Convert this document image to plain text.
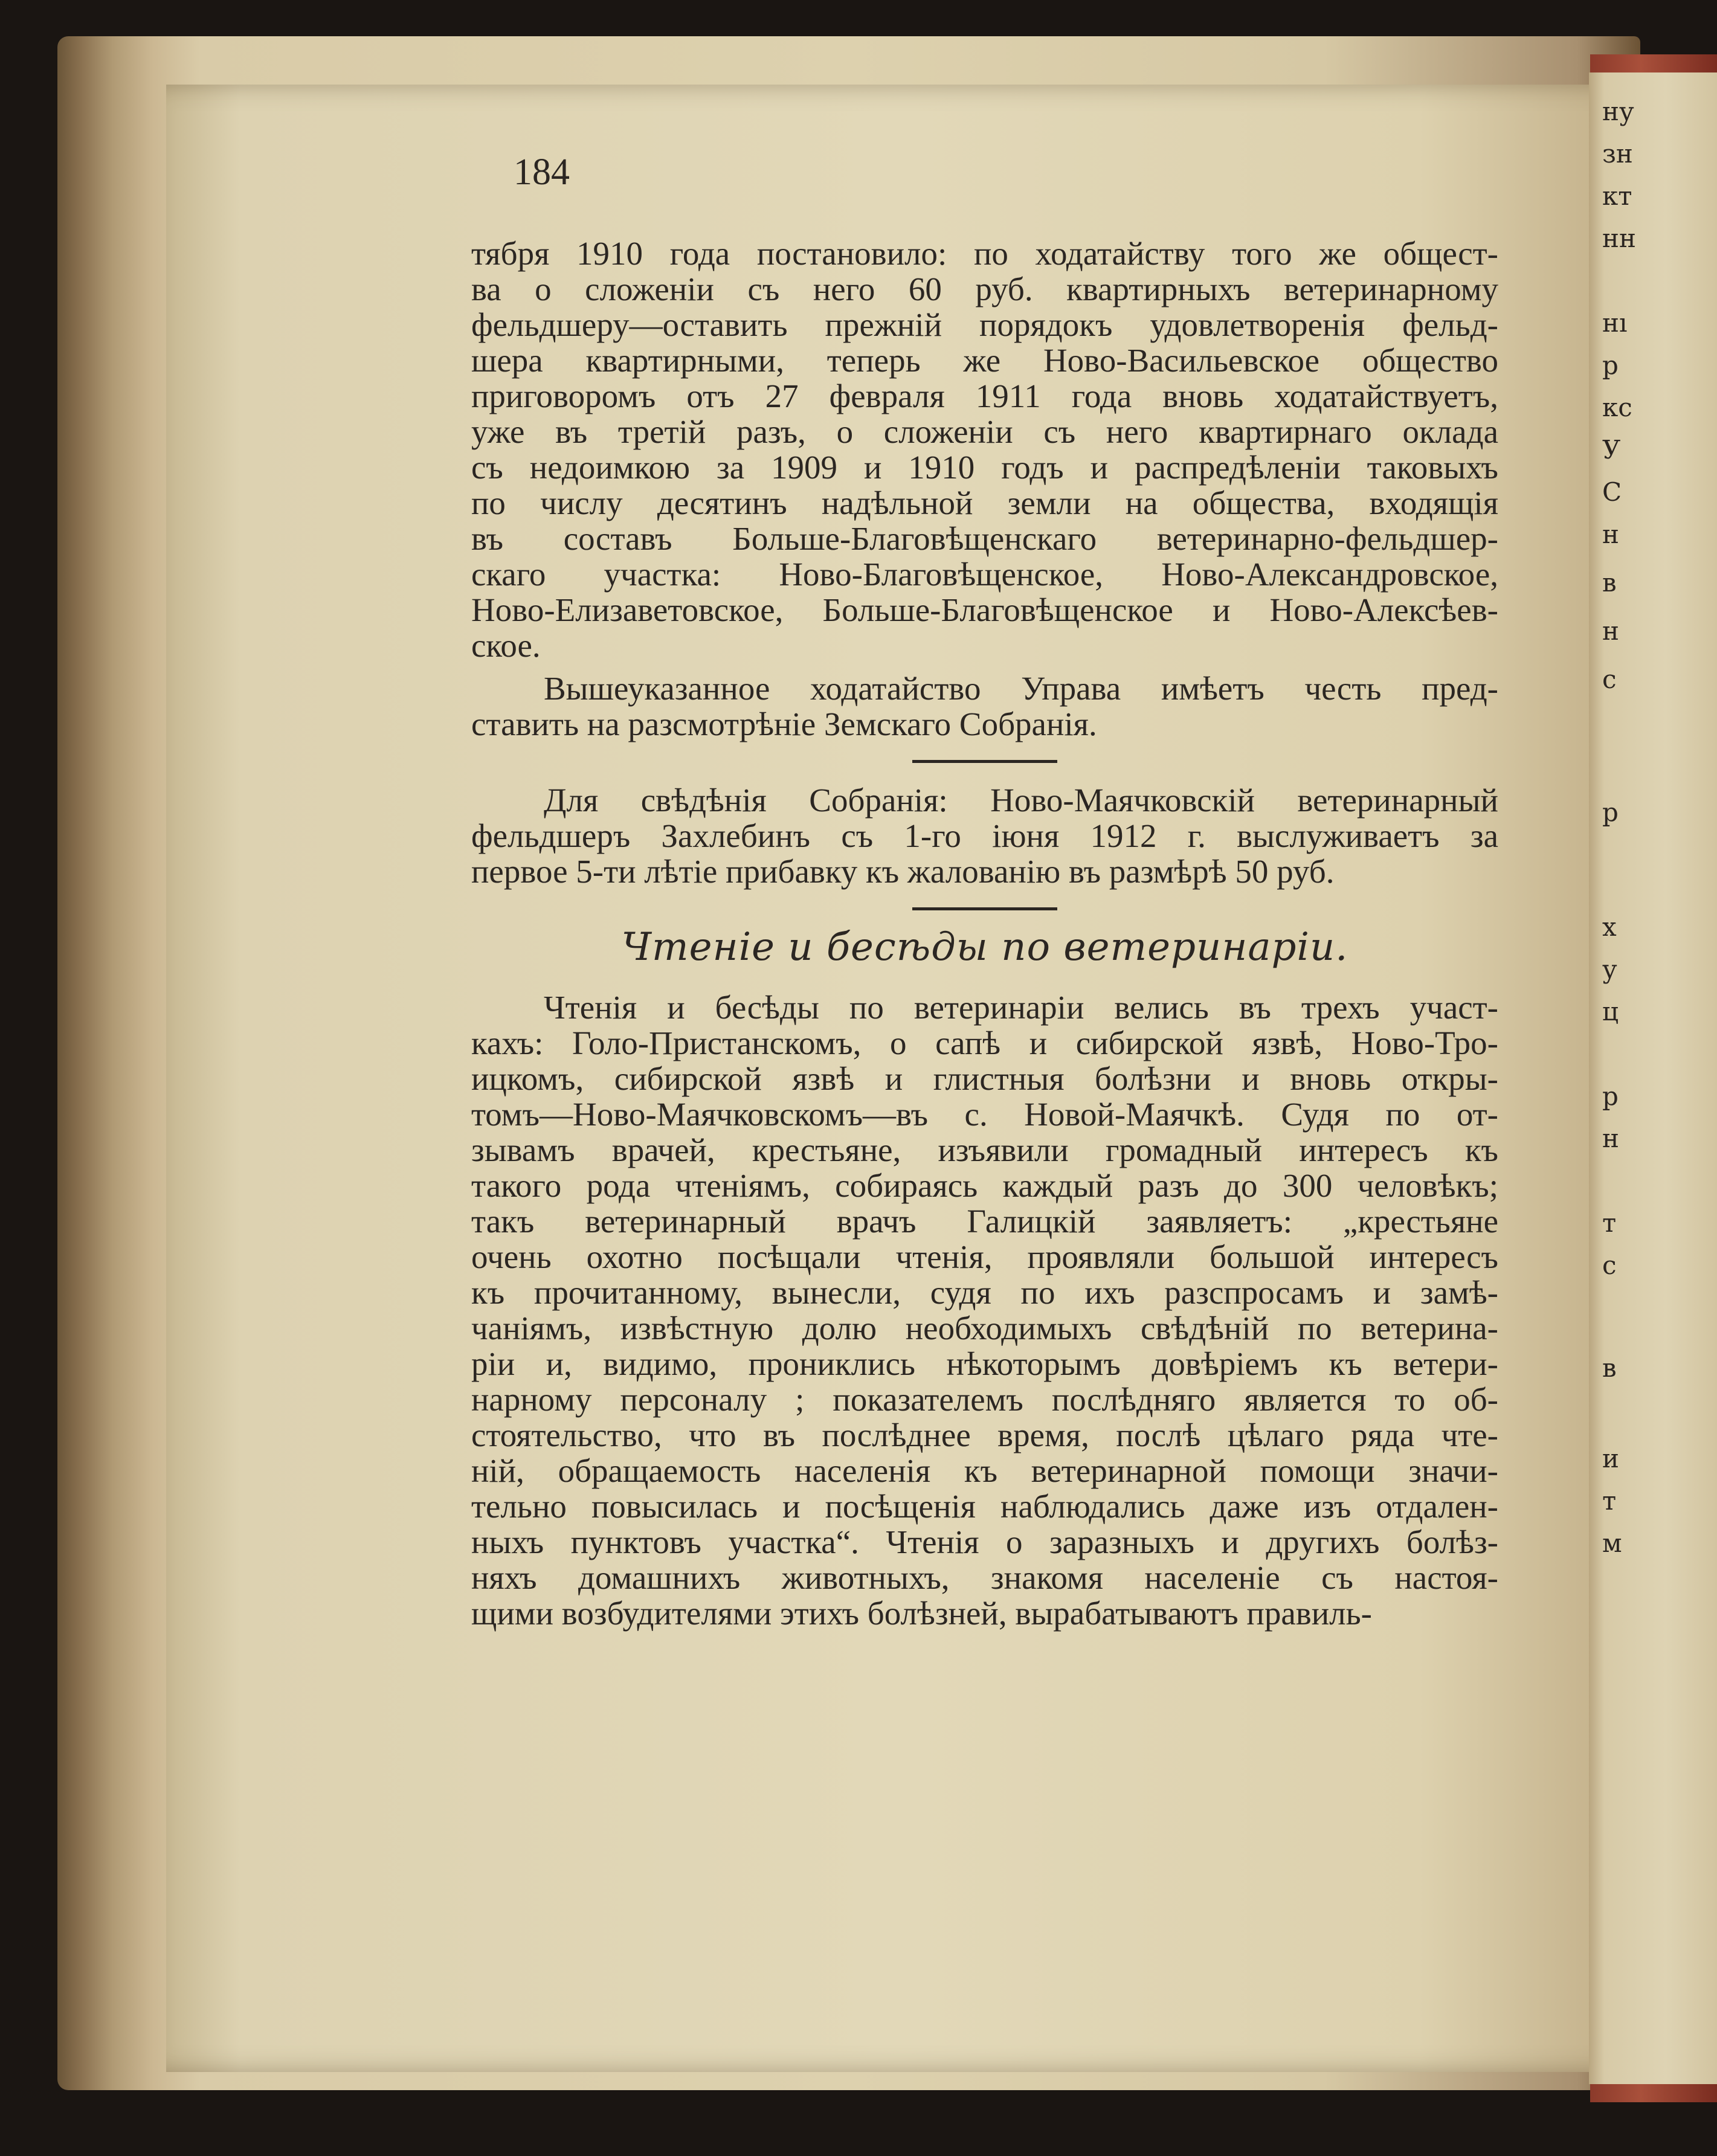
ну
зн
кт
нн
нı
р
кс
У
С
н
в
н
с
р
х
у
ц
р
н
т
с
в
и
т
м
184
тября 1910 года постановило: по ходатайству того же общест-
ва о сложеніи съ него 60 руб. квартирныхъ ветеринарному
фельдшеру—оставить прежній порядокъ удовлетворенія фельд-
шера квартирными, теперь же Ново-Васильевское общество
приговоромъ отъ 27 февраля 1911 года вновь ходатайствуетъ,
уже въ третій разъ, о сложеніи съ него квартирнаго оклада
съ недоимкою за 1909 и 1910 годъ и распредѣленіи таковыхъ
по числу десятинъ надѣльной земли на общества, входящія
въ составъ Больше-Благовѣщенскаго ветеринарно-фельдшер-
скаго участка: Ново-Благовѣщенское, Ново-Александровское,
Ново-Елизаветовское, Больше-Благовѣщенское и Ново-Алексѣев-
ское.
Вышеуказанное ходатайство Управа имѣетъ честь пред-
ставить на разсмотрѣніе Земскаго Собранія.
Для свѣдѣнія Собранія: Ново-Маячковскій ветеринарный
фельдшеръ Захлебинъ съ 1-го іюня 1912 г. выслуживаетъ за
первое 5-ти лѣтіе прибавку къ жалованію въ размѣрѣ 50 руб.
Чтеніе и бесѣды по ветеринаріи.
Чтенія и бесѣды по ветеринаріи велись въ трехъ участ-
кахъ: Голо-Пристанскомъ, о сапѣ и сибирской язвѣ, Ново-Тро-
ицкомъ, сибирской язвѣ и глистныя болѣзни и вновь откры-
томъ—Ново-Маячковскомъ—въ с. Новой-Маячкѣ. Судя по от-
зывамъ врачей, крестьяне, изъявили громадный интересъ къ
такого рода чтеніямъ, собираясь каждый разъ до 300 человѣкъ;
такъ ветеринарный врачъ Галицкій заявляетъ: „крестьяне
очень охотно посѣщали чтенія, проявляли большой интересъ
къ прочитанному, вынесли, судя по ихъ разспросамъ и замѣ-
чаніямъ, извѣстную долю необходимыхъ свѣдѣній по ветерина-
ріи и, видимо, прониклись нѣкоторымъ довѣріемъ къ ветери-
нарному персоналу ; показателемъ послѣдняго является то об-
стоятельство, что въ послѣднее время, послѣ цѣлаго ряда чте-
ній, обращаемость населенія къ ветеринарной помощи значи-
тельно повысилась и посѣщенія наблюдались даже изъ отдален-
ныхъ пунктовъ участка“. Чтенія о заразныхъ и другихъ болѣз-
няхъ домашнихъ животныхъ, знакомя населеніе съ настоя-
щими возбудителями этихъ болѣзней, вырабатываютъ правиль-
